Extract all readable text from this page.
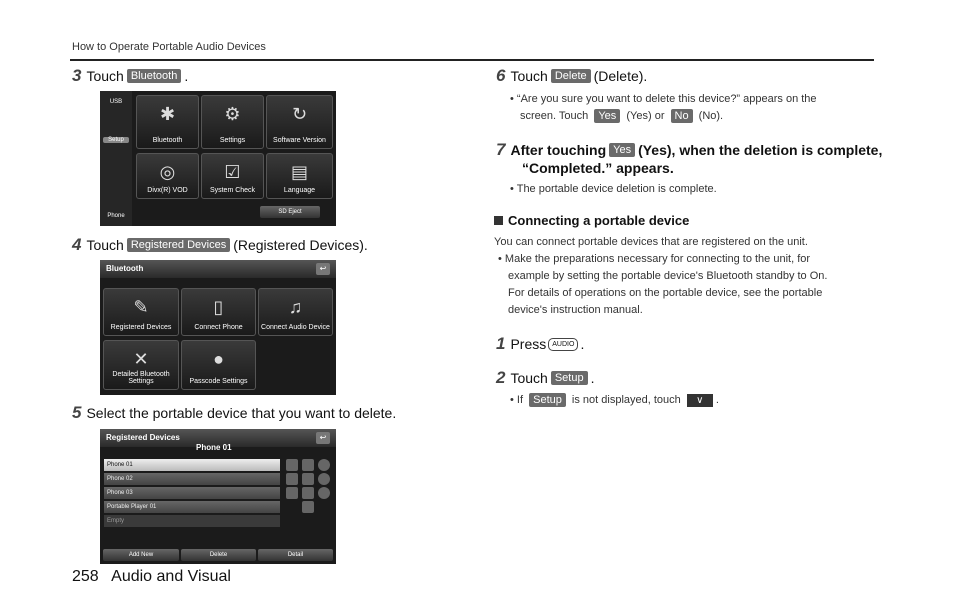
How to Operate Portable Audio Devices
3 Touch Bluetooth .
USB
Setup
Phone
✱
Bluetooth
⚙
Settings
↻
Software Version
◎
Divx(R) VOD
☑
System Check
▤
Language
SD Eject
4 Touch Registered Devices (Registered Devices).
Bluetooth	↩
✎
Registered Devices
▯
Connect Phone
♫
Connect Audio Device
✕
Detailed Bluetooth Settings
●
Passcode Settings
5 Select the portable device that you want to delete.
Registered Devices
Phone 01
↩
Phone 01
Phone 02
Phone 03
Portable Player 01
Empty
Add New	Delete	Detail
6 Touch Delete (Delete).
• “Are you sure you want to delete this device?” appears on the
screen. Touch Yes (Yes) or No (No).
7 After touching Yes (Yes), when the deletion is complete,
“Completed.” appears.
• The portable device deletion is complete.
Connecting a portable device
You can connect portable devices that are registered on the unit.
• Make the preparations necessary for connecting to the unit, for
example by setting the portable device's Bluetooth standby to On.
For details of operations on the portable device, see the portable
device's instruction manual.
1 Press AUDIO .
2 Touch Setup .
• If Setup is not displayed, touch ∨ .
258 Audio and Visual
